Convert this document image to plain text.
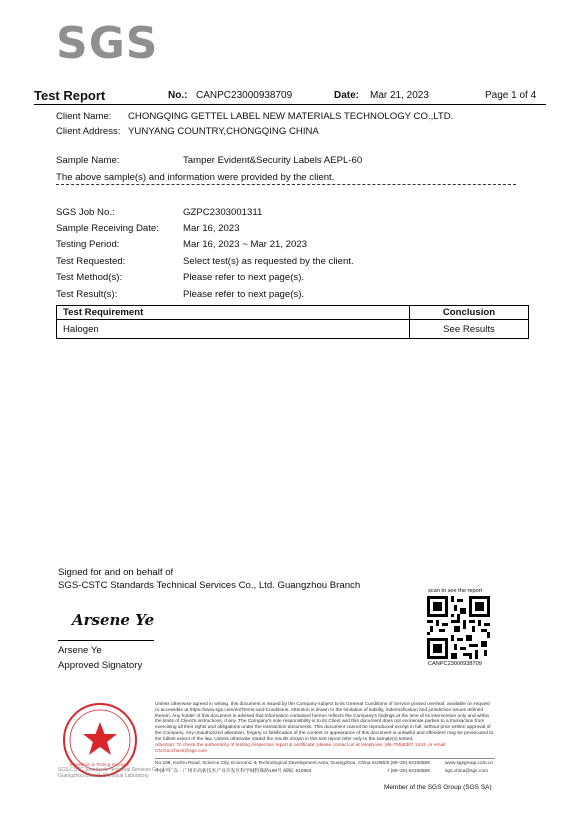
SGS
Test Report	No.: CANPC23000938709	Date: Mar 21, 2023	Page 1 of 4
Client Name: CHONGQING GETTEL LABEL NEW MATERIALS TECHNOLOGY CO.,LTD.
Client Address: YUNYANG COUNTRY,CHONGQING CHINA
Sample Name:	Tamper Evident&Security Labels AEPL-60
The above sample(s) and information were provided by the client.
SGS Job No.:	GZPC2303001311
Sample Receiving Date:	Mar 16, 2023
Testing Period:	Mar 16, 2023 ~ Mar 21, 2023
Test Requested:	Select test(s) as requested by the client.
Test Method(s):	Please refer to next page(s).
Test Result(s):	Please refer to next page(s).
Test Requirement	Conclusion
Halogen	See Results
Signed for and on behalf of
SGS-CSTC Standards Technical Services Co., Ltd. Guangzhou Branch
Arsene Ye
Arsene Ye
Approved Signatory
scan to see the report
CANPC23000938709
Inspection & Testing Services
SGS-CSTC Standards Technical Services Co., Ltd.
Guangzhou Branch Chemical Laboratory
Unless otherwise agreed in writing, this document is issued by the Company subject to its General Conditions of Service printed overleaf, available on request or accessible at https://www.sgs.com/en/Terms-and-Conditions. Attention is drawn to the limitation of liability, indemnification and jurisdiction issues defined therein. Any holder of this document is advised that information contained hereon reflects the Company's findings at the time of its intervention only and within the limits of Client's instructions, if any. The Company's sole responsibility is to its Client and this document does not exonerate parties to a transaction from exercising all their rights and obligations under the transaction documents. This document cannot be reproduced except in full, without prior written approval of the Company. Any unauthorized alteration, forgery or falsification of the content or appearance of this document is unlawful and offenders may be prosecuted to the fullest extent of the law. Unless otherwise stated the results shown in this test report refer only to the sample(s) tested.
Attention: To check the authenticity of testing /inspection report & certificate, please contact us at telephone: (86-755)8307 1443, or email: CN.Doccheck@sgs.com
No.198, Kezhu Road, Science City, Economic & Technological Development Area, Guangzhou, China 510663
中国 · 广东 · 广州市高新技术产业开发区科学城科珠路198号 邮编: 510663
t (86–20) 82155555
t (86–20) 82155555
www.sgsgroup.com.cn
sgs.china@sgs.com
Member of the SGS Group (SGS SA)
